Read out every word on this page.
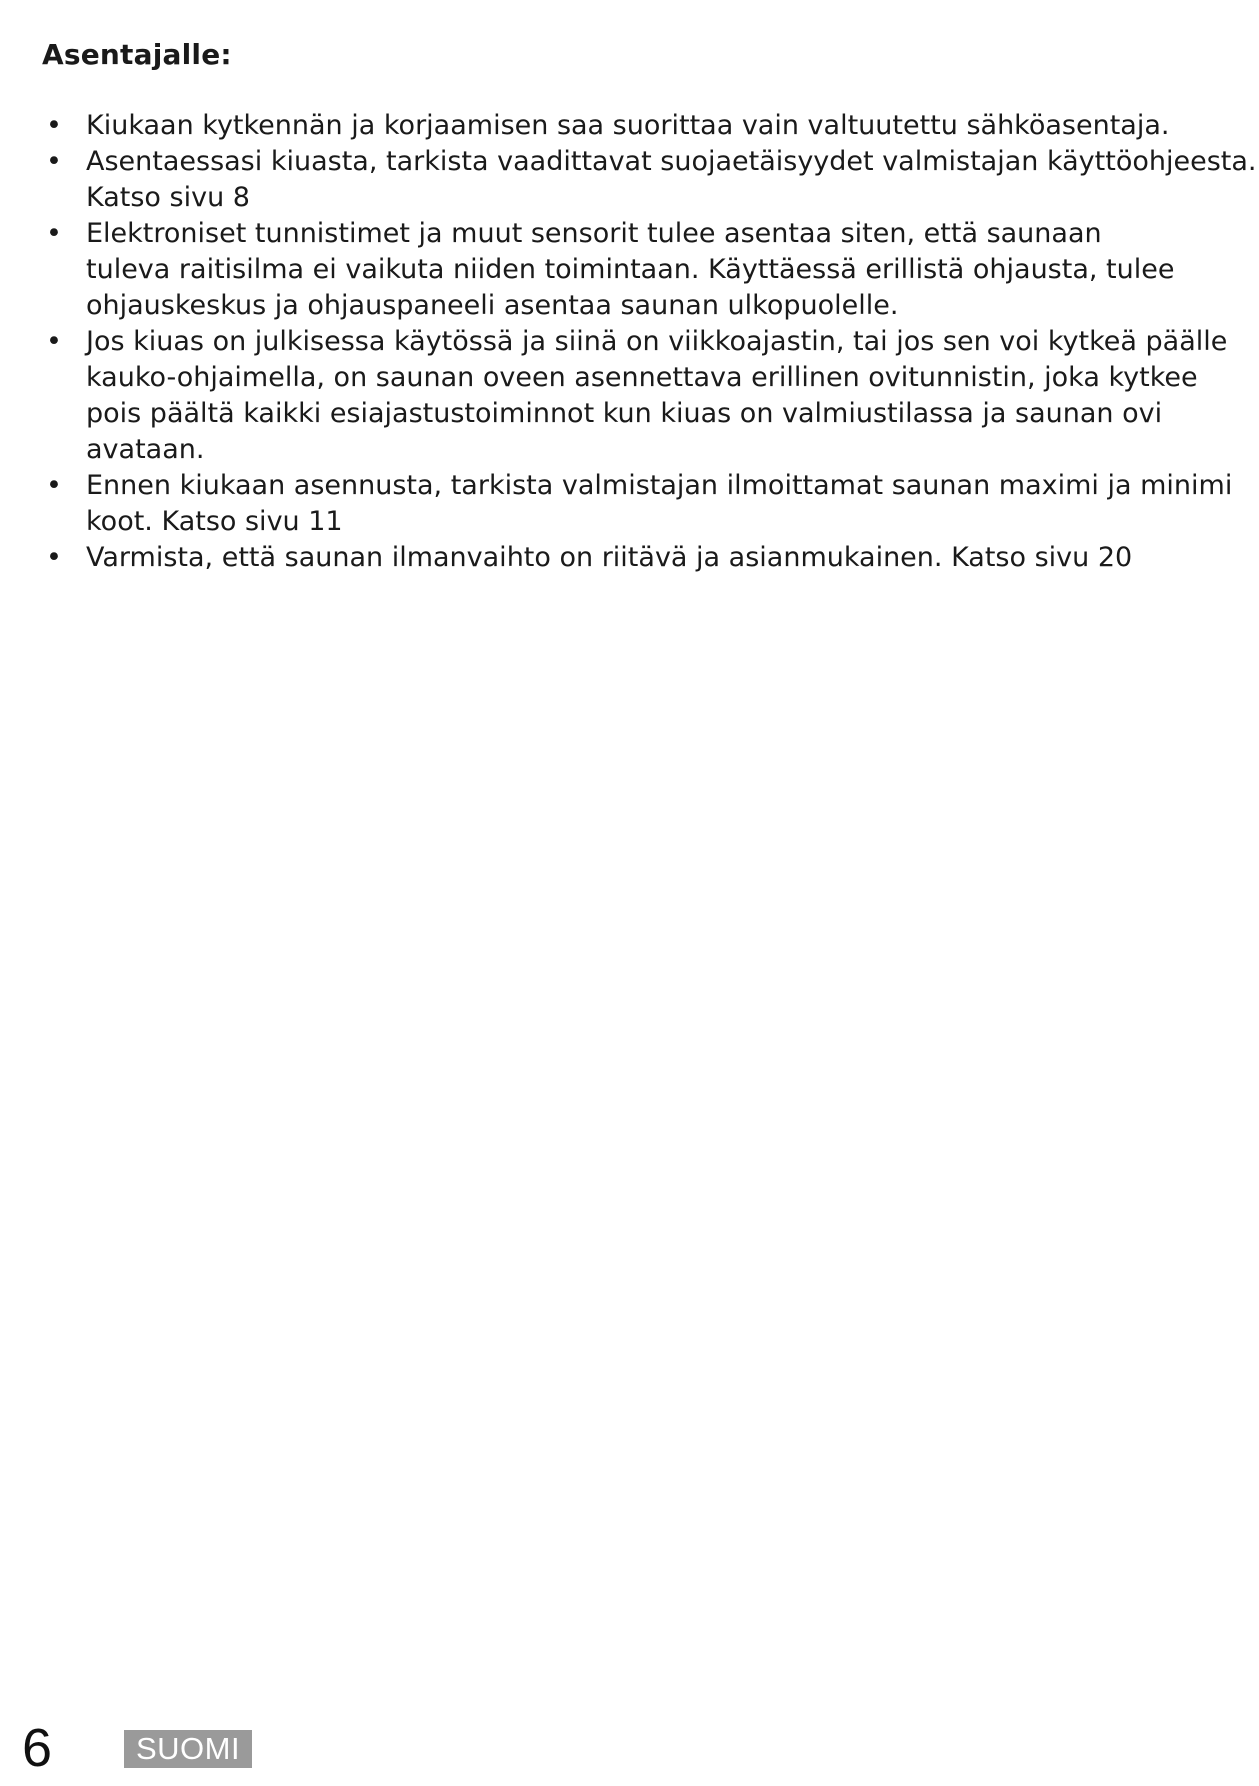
Asentajalle:
• Kiukaan kytkennän ja korjaamisen saa suorittaa vain valtuutettu sähköasentaja.
• Asentaessasi kiuasta, tarkista vaadittavat suojaetäisyydet valmistajan käyttöohjeesta.
Katso sivu 8
• Elektroniset tunnistimet ja muut sensorit tulee asentaa siten, että saunaan
tuleva raitisilma ei vaikuta niiden toimintaan. Käyttäessä erillistä ohjausta, tulee
ohjauskeskus ja ohjauspaneeli asentaa saunan ulkopuolelle.
• Jos kiuas on julkisessa käytössä ja siinä on viikkoajastin, tai jos sen voi kytkeä päälle
kauko-ohjaimella, on saunan oveen asennettava erillinen ovitunnistin, joka kytkee
pois päältä kaikki esiajastustoiminnot kun kiuas on valmiustilassa ja saunan ovi
avataan.
• Ennen kiukaan asennusta, tarkista valmistajan ilmoittamat saunan maximi ja minimi
koot. Katso sivu 11
• Varmista, että saunan ilmanvaihto on riitävä ja asianmukainen. Katso sivu 20
6	SUOMI
